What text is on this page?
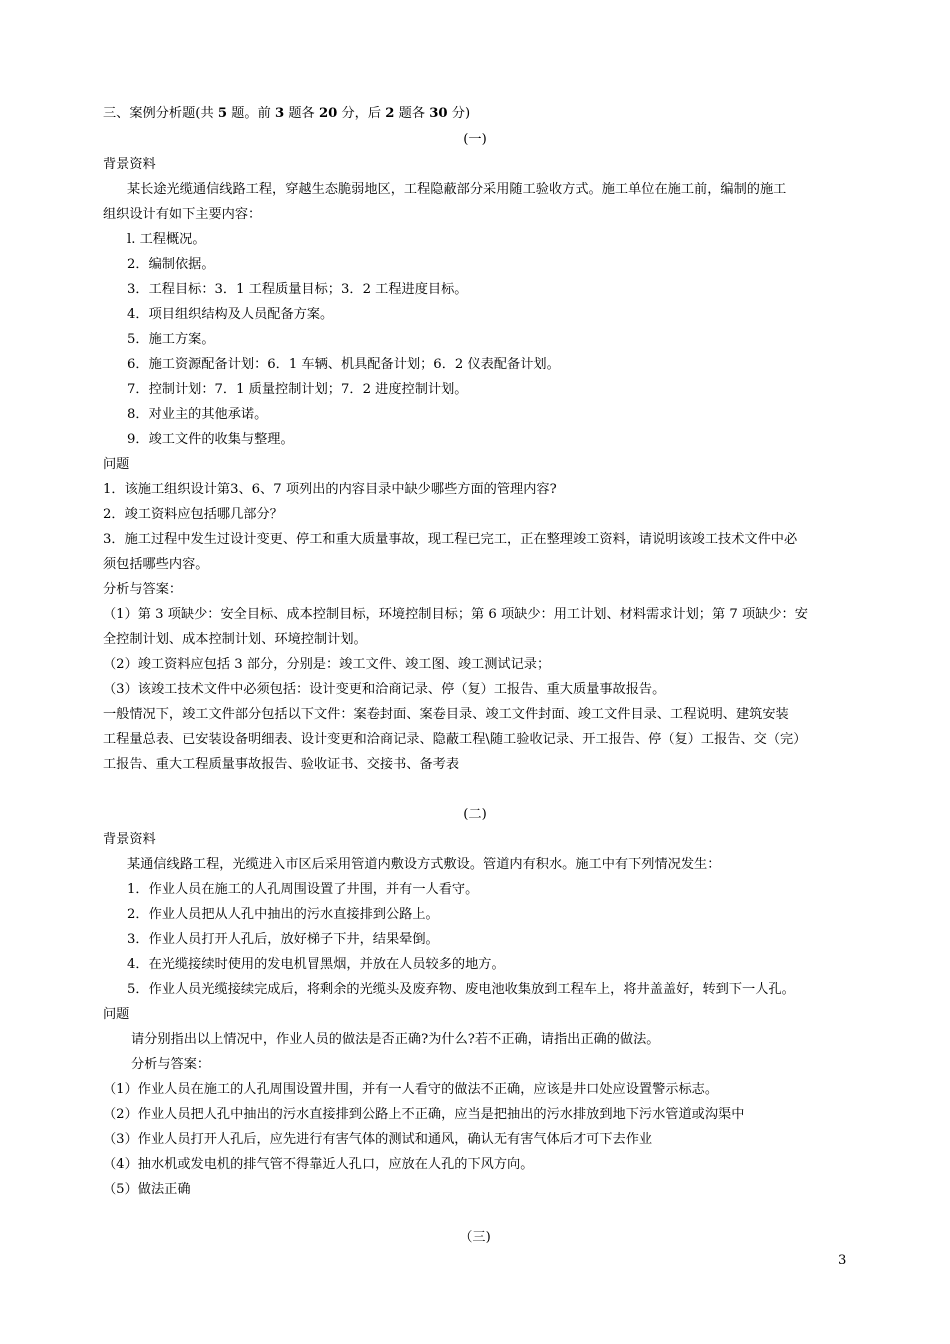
三、案例分析题(共 5 题。前 3 题各 20 分，后 2 题各 30 分)
(一)
背景资料
某长途光缆通信线路工程，穿越生态脆弱地区，工程隐蔽部分采用随工验收方式。施工单位在施工前，编制的施工
组织设计有如下主要内容：
l. 工程概况。
2．编制依据。
3．工程目标：3．1 工程质量目标；3．2 工程进度目标。
4．项目组织结构及人员配备方案。
5．施工方案。
6．施工资源配备计划：6．1 车辆、机具配备计划；6．2 仪表配备计划。
7．控制计划：7．1 质量控制计划；7．2 进度控制计划。
8．对业主的其他承诺。
9．竣工文件的收集与整理。
问题
1．该施工组织设计第3、6、7 项列出的内容目录中缺少哪些方面的管理内容?
2．竣工资料应包括哪几部分？
3．施工过程中发生过设计变更、停工和重大质量事故，现工程已完工，正在整理竣工资料，请说明该竣工技术文件中必
须包括哪些内容。
分析与答案：
（1）第 3 项缺少：安全目标、成本控制目标，环境控制目标；第 6 项缺少：用工计划、材料需求计划；第 7 项缺少：安
全控制计划、成本控制计划、环境控制计划。
（2）竣工资料应包括 3 部分，分别是：竣工文件、竣工图、竣工测试记录；
（3）该竣工技术文件中必须包括：设计变更和洽商记录、停（复）工报告、重大质量事故报告。
一般情况下，竣工文件部分包括以下文件：案卷封面、案卷目录、竣工文件封面、竣工文件目录、工程说明、建筑安装
工程量总表、已安装设备明细表、设计变更和洽商记录、隐蔽工程\随工验收记录、开工报告、停（复）工报告、交（完）
工报告、重大工程质量事故报告、验收证书、交接书、备考表
(二)
背景资料
某通信线路工程，光缆进入市区后采用管道内敷设方式敷设。管道内有积水。施工中有下列情况发生：
1．作业人员在施工的人孔周围设置了井围，并有一人看守。
2．作业人员把从人孔中抽出的污水直接排到公路上。
3．作业人员打开人孔后，放好梯子下井，结果晕倒。
4．在光缆接续时使用的发电机冒黑烟，并放在人员较多的地方。
5．作业人员光缆接续完成后，将剩余的光缆头及废弃物、废电池收集放到工程车上，将井盖盖好，转到下一人孔。
问题
请分别指出以上情况中，作业人员的做法是否正确?为什么?若不正确，请指出正确的做法。
分析与答案：
（1）作业人员在施工的人孔周围设置井围，并有一人看守的做法不正确，应该是井口处应设置警示标志。
（2）作业人员把人孔中抽出的污水直接排到公路上不正确，应当是把抽出的污水排放到地下污水管道或沟渠中
（3）作业人员打开人孔后，应先进行有害气体的测试和通风，确认无有害气体后才可下去作业
（4）抽水机或发电机的排气管不得靠近人孔口，应放在人孔的下风方向。
（5）做法正确
（三)
3
